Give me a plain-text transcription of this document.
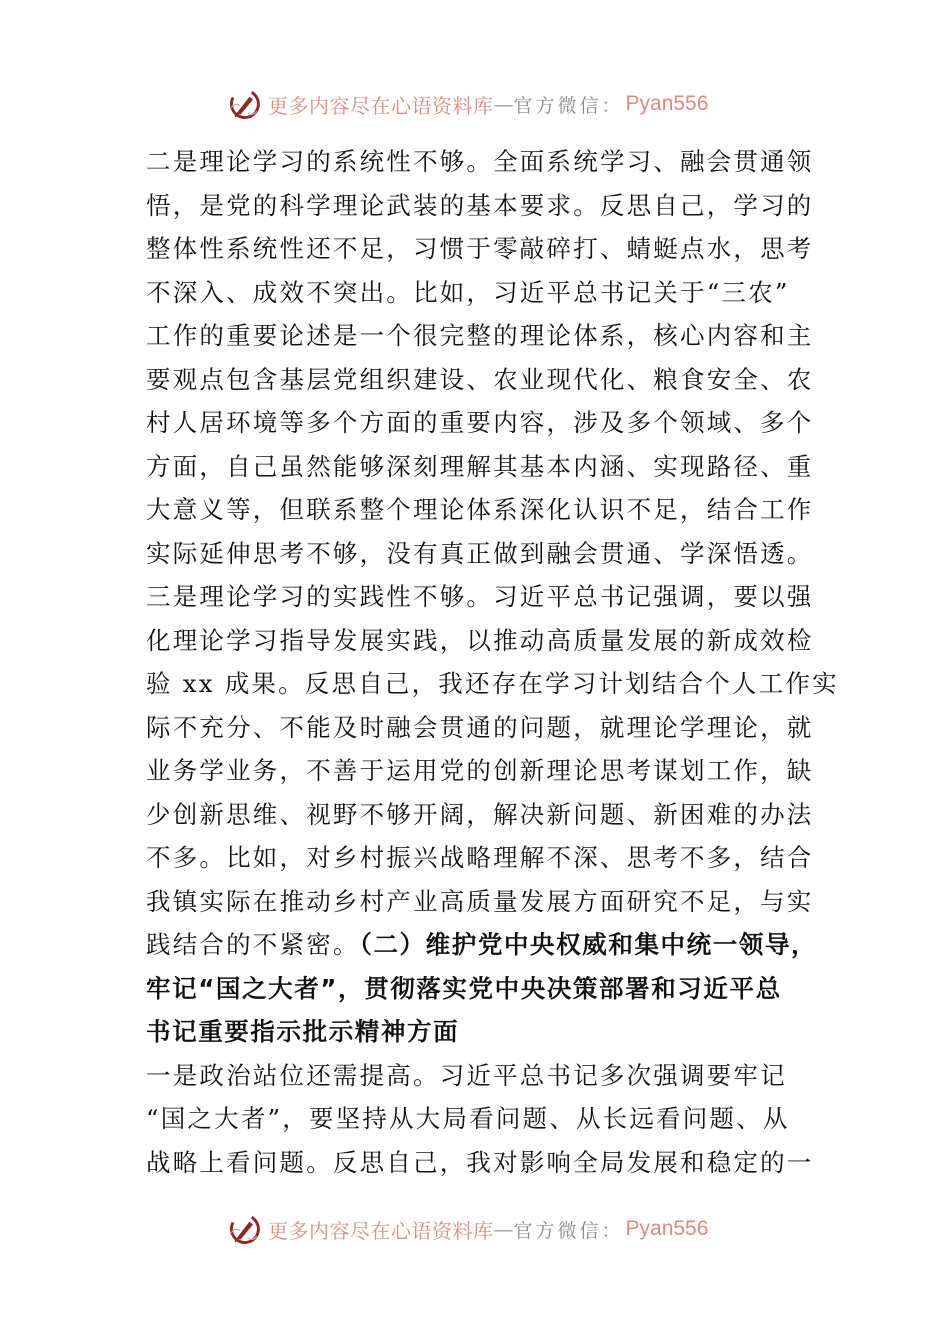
更多内容尽在心语资料库 — 官方微信： Pyan556
二是理论学习的系统性不够。全面系统学习、融会贯通领
悟，是党的科学理论武装的基本要求。反思自己，学习的
整体性系统性还不足，习惯于零敲碎打、蜻蜓点水，思考
不深入、成效不突出。比如，习近平总书记关于“三农”
工作的重要论述是一个很完整的理论体系，核心内容和主
要观点包含基层党组织建设、农业现代化、粮食安全、农
村人居环境等多个方面的重要内容，涉及多个领域、多个
方面，自己虽然能够深刻理解其基本内涵、实现路径、重
大意义等，但联系整个理论体系深化认识不足，结合工作
实际延伸思考不够，没有真正做到融会贯通、学深悟透。
三是理论学习的实践性不够。习近平总书记强调，要以强
化理论学习指导发展实践，以推动高质量发展的新成效检
验 xx 成果。反思自己，我还存在学习计划结合个人工作实
际不充分、不能及时融会贯通的问题，就理论学理论，就
业务学业务，不善于运用党的创新理论思考谋划工作，缺
少创新思维、视野不够开阔，解决新问题、新困难的办法
不多。比如，对乡村振兴战略理解不深、思考不多，结合
我镇实际在推动乡村产业高质量发展方面研究不足，与实
践结合的不紧密。（二）维护党中央权威和集中统一领导，
牢记“国之大者”，贯彻落实党中央决策部署和习近平总
书记重要指示批示精神方面
一是政治站位还需提高。习近平总书记多次强调要牢记
“国之大者”，要坚持从大局看问题、从长远看问题、从
战略上看问题。反思自己，我对影响全局发展和稳定的一
更多内容尽在心语资料库 — 官方微信： Pyan556
